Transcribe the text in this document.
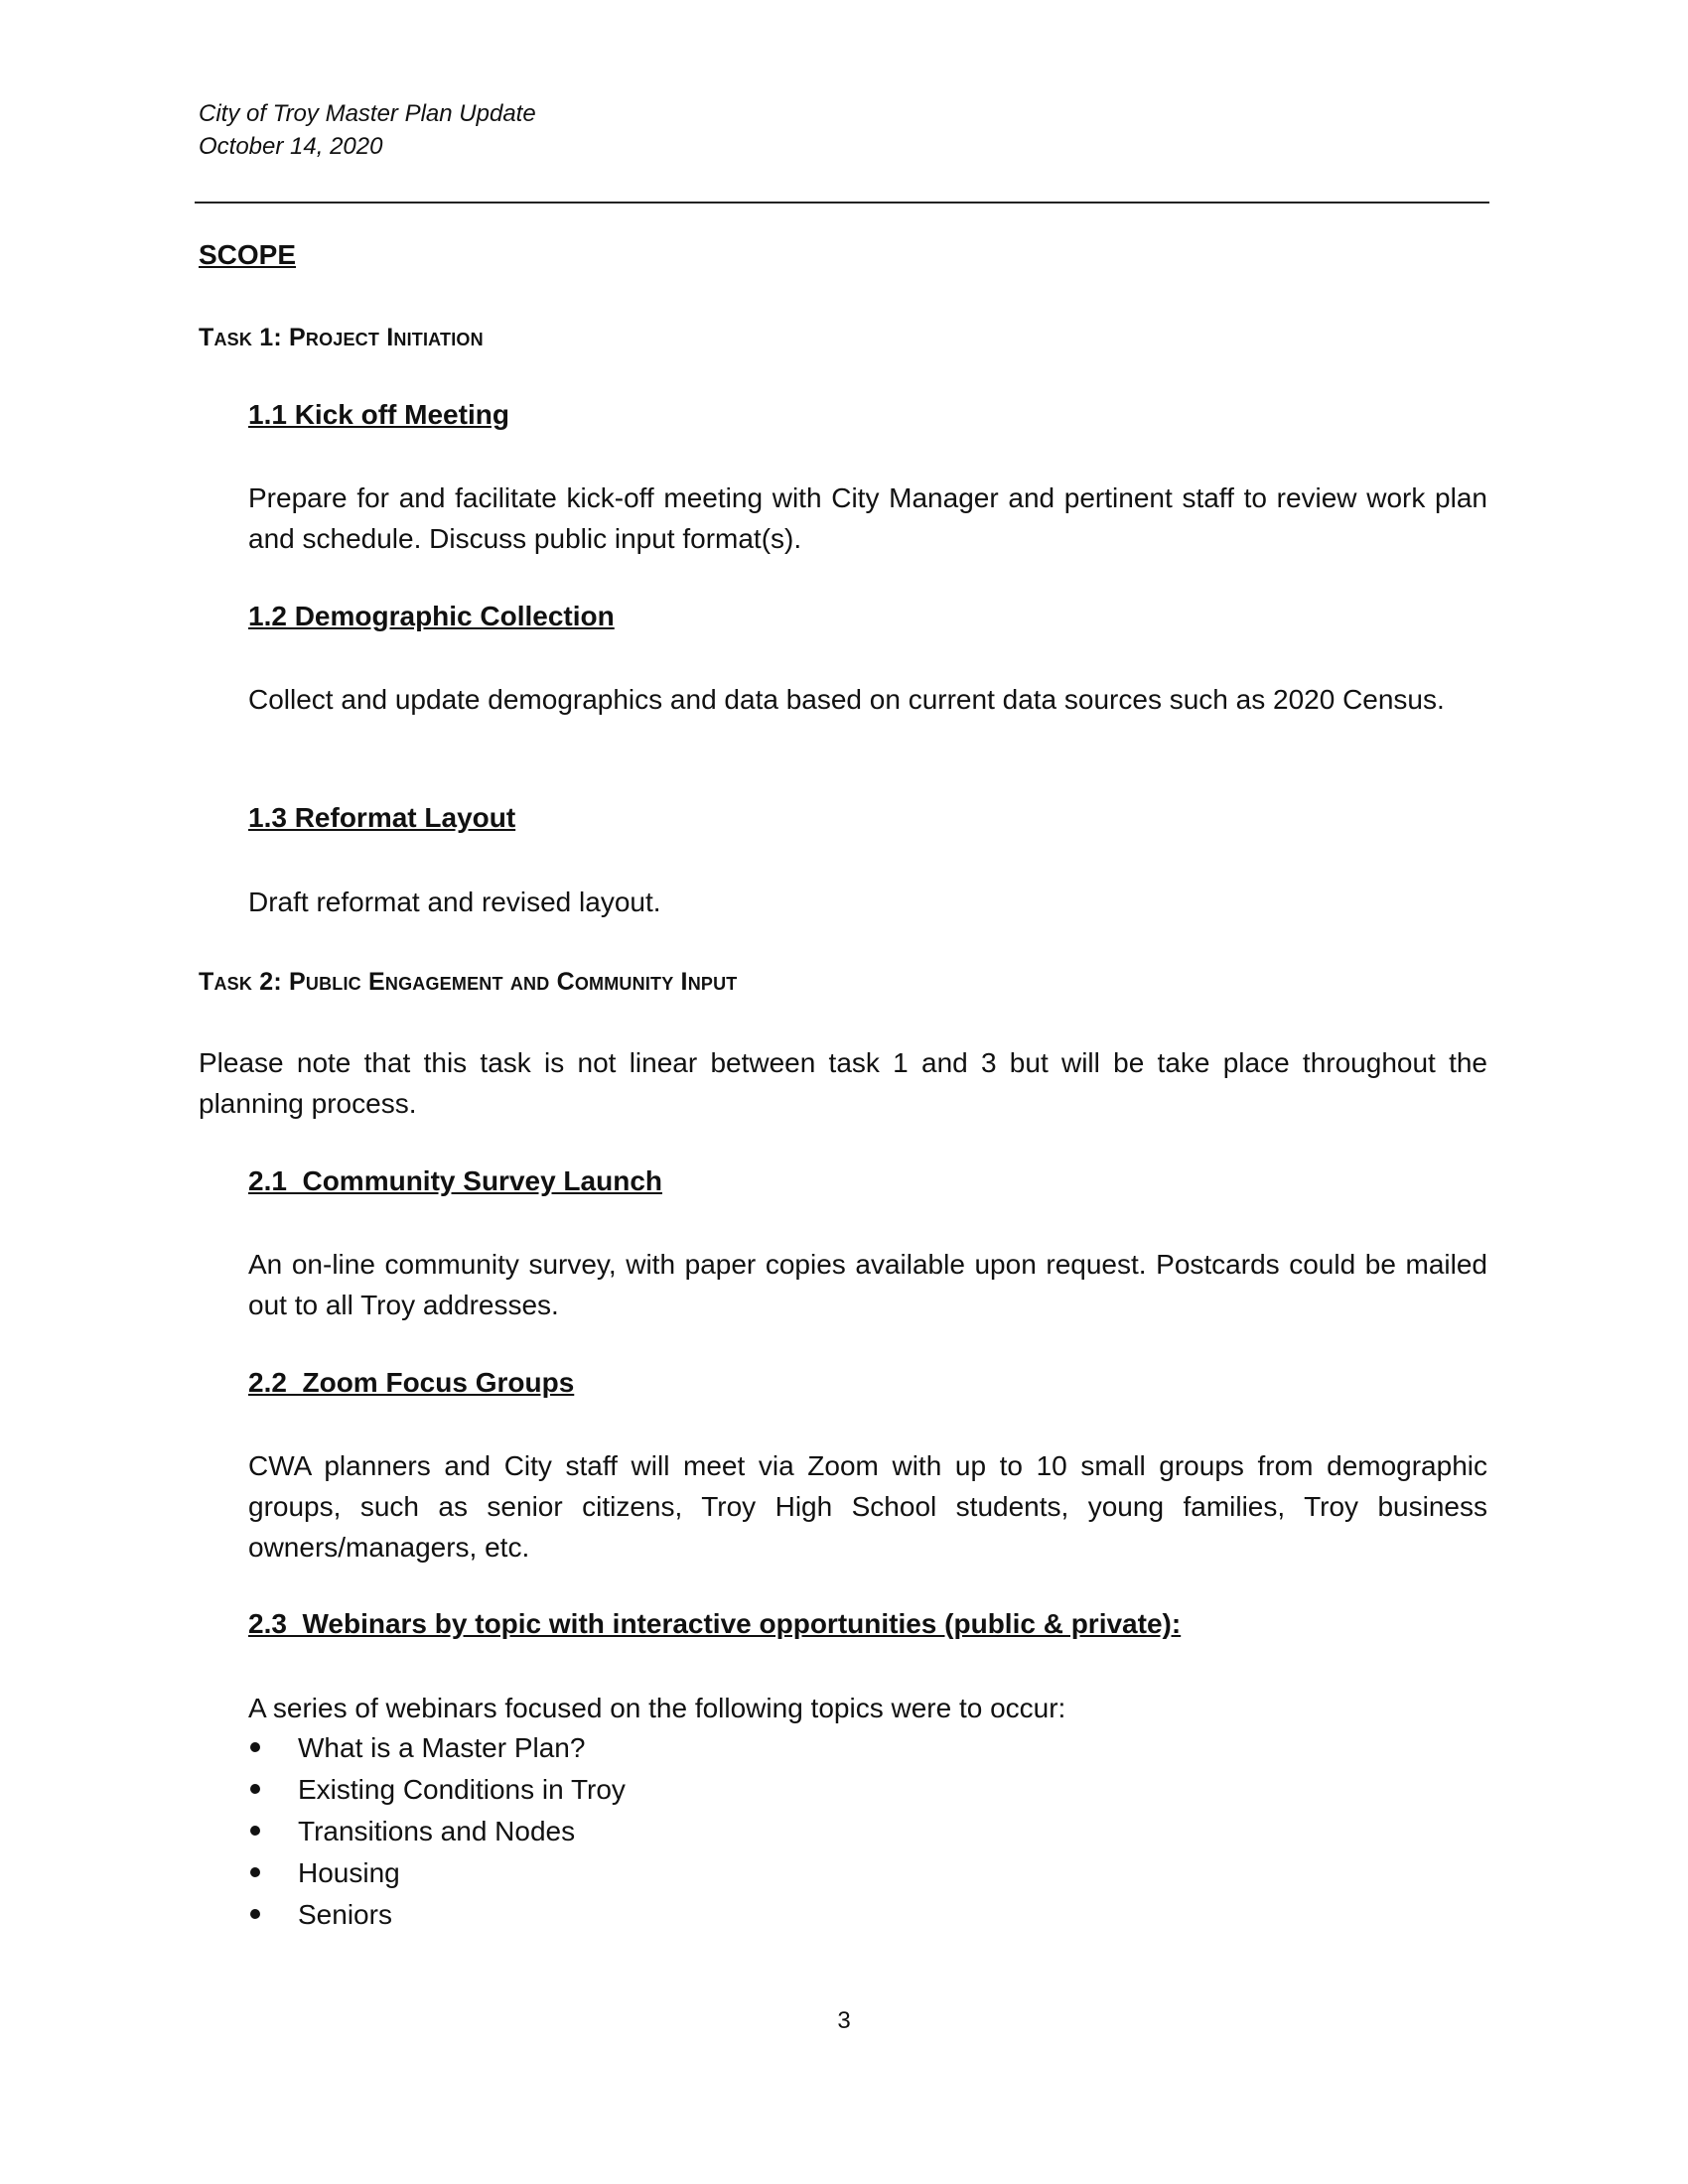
City of Troy Master Plan Update
October 14, 2020
SCOPE
Task 1: Project Initiation
1.1 Kick off Meeting
Prepare for and facilitate kick-off meeting with City Manager and pertinent staff to review work plan and schedule. Discuss public input format(s).
1.2 Demographic Collection
Collect and update demographics and data based on current data sources such as 2020 Census.
1.3 Reformat Layout
Draft reformat and revised layout.
Task 2: Public Engagement and Community Input
Please note that this task is not linear between task 1 and 3 but will be take place throughout the planning process.
2.1  Community Survey Launch
An on-line community survey, with paper copies available upon request. Postcards could be mailed out to all Troy addresses.
2.2  Zoom Focus Groups
CWA planners and City staff will meet via Zoom with up to 10 small groups from demographic groups, such as senior citizens, Troy High School students, young families, Troy business owners/managers, etc.
2.3  Webinars by topic with interactive opportunities (public & private):
A series of webinars focused on the following topics were to occur:
What is a Master Plan?
Existing Conditions in Troy
Transitions and Nodes
Housing
Seniors
3
